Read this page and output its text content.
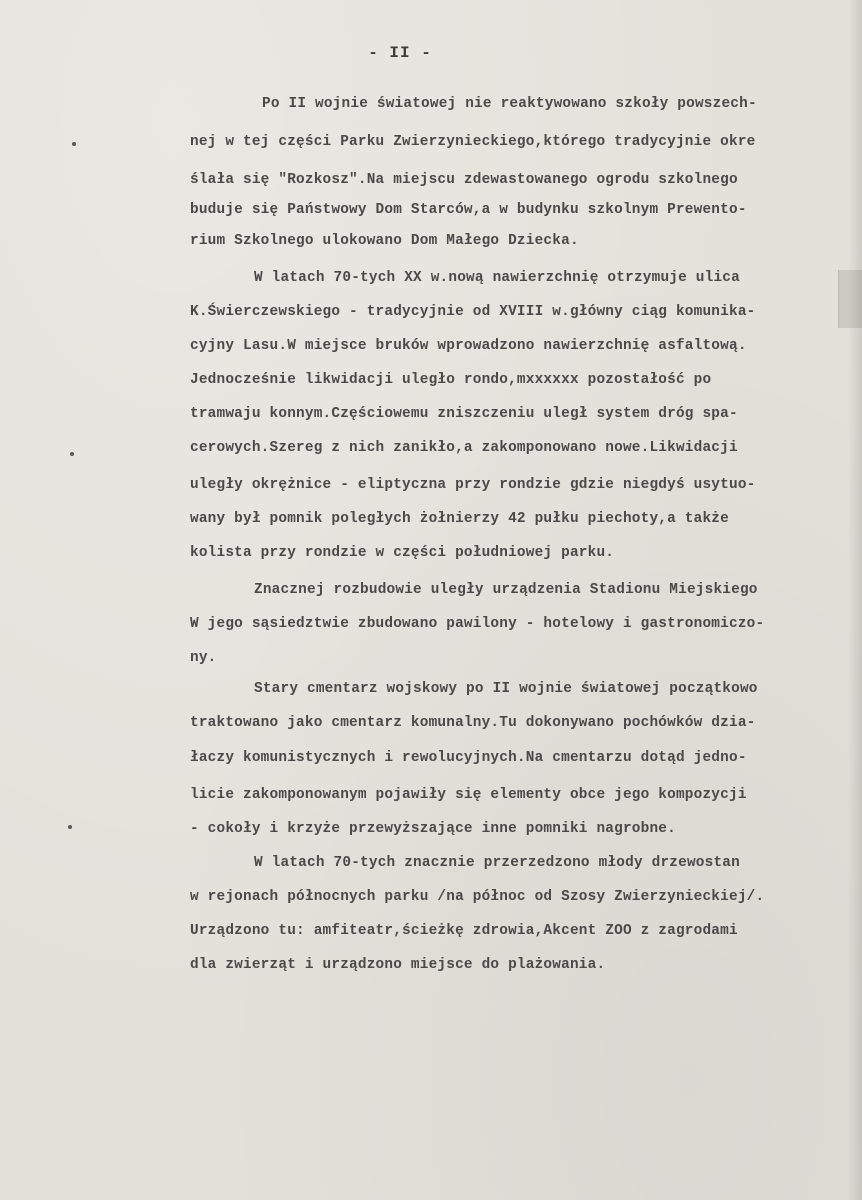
- II -
Po II wojnie światowej nie reaktywowano szkoły powszech-
nej w tej części Parku Zwierzynieckiego,którego tradycyjnie okre
ślała się "Rozkosz".Na miejscu zdewastowanego ogrodu szkolnego
buduje się Państwowy Dom Starców,a w budynku szkolnym Prewento-
rium Szkolnego ulokowano Dom Małego Dziecka.
W latach 70-tych XX w.nową nawierzchnię otrzymuje ulica
K.Świerczewskiego - tradycyjnie od XVIII w.główny ciąg komunika-
cyjny Lasu.W miejsce bruków wprowadzono nawierzchnię asfaltową.
Jednocześnie likwidacji uległo rondo,mxxxxxx pozostałość po
tramwaju konnym.Częściowemu zniszczeniu uległ system dróg spa-
cerowych.Szereg z nich zanikło,a zakomponowano nowe.Likwidacji
uległy okrężnice - eliptyczna przy rondzie gdzie niegdyś usytuo-
wany był pomnik poległych żołnierzy 42 pułku piechoty,a także
kolista przy rondzie w części południowej parku.
Znacznej rozbudowie uległy urządzenia Stadionu Miejskiego
W jego sąsiedztwie zbudowano pawilony - hotelowy i gastronomiczo-
ny.
Stary cmentarz wojskowy po II wojnie światowej początkowo
traktowano jako cmentarz komunalny.Tu dokonywano pochówków dzia-
łaczy komunistycznych i rewolucyjnych.Na cmentarzu dotąd jedno-
licie zakomponowanym pojawiły się elementy obce jego kompozycji
- cokoły i krzyże przewyższające inne pomniki nagrobne.
W latach 70-tych znacznie przerzedzono młody drzewostan
w rejonach północnych parku /na północ od Szosy Zwierzynieckiej/.
Urządzono tu: amfiteatr,ścieżkę zdrowia,Akcent ZOO z zagrodami
dla zwierząt i urządzono miejsce do plażowania.
